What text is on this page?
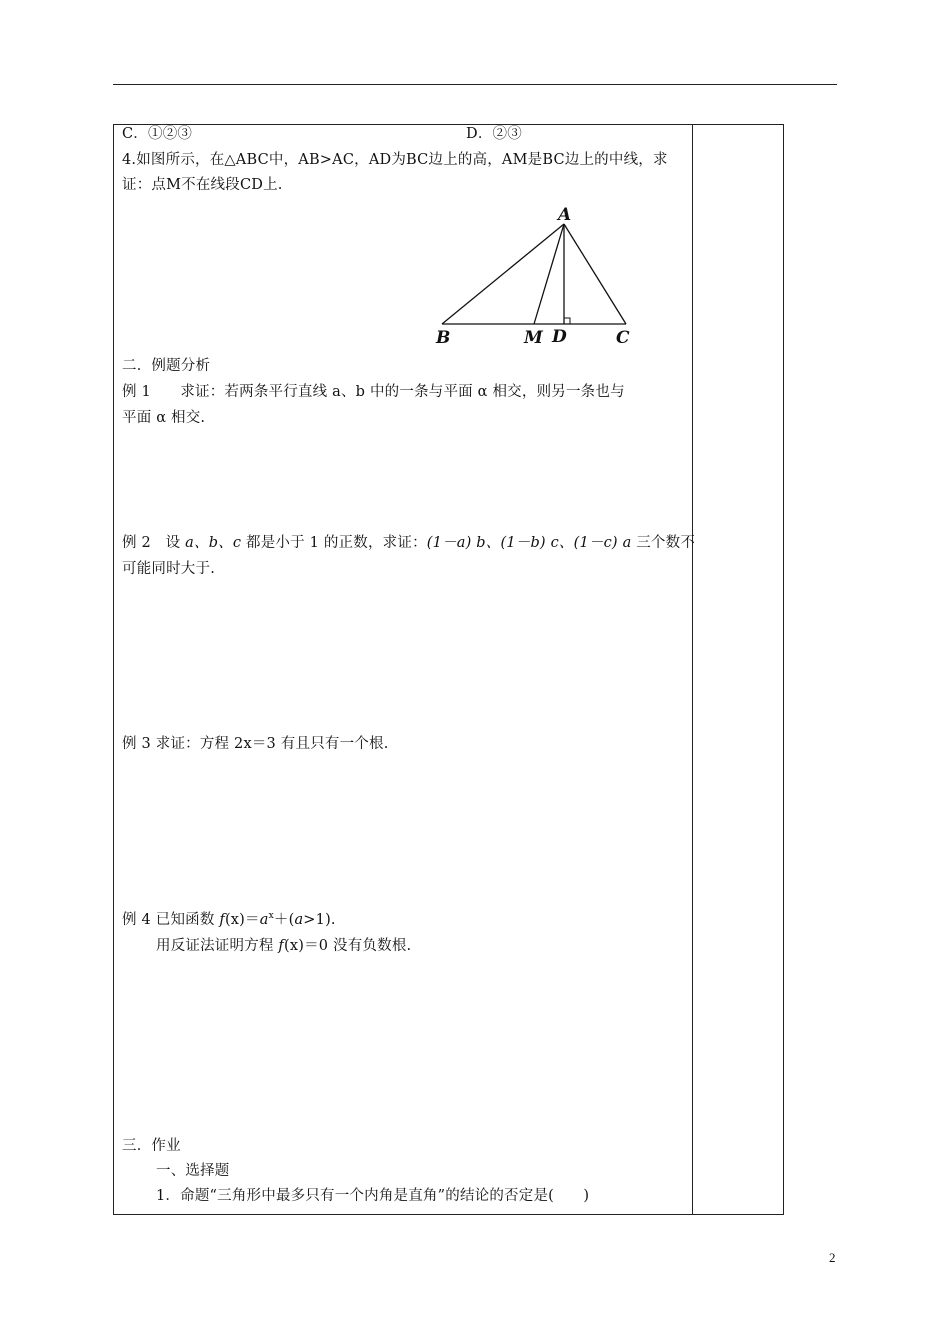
C．①②③	D．②③
4.如图所示，在△ABC中，AB>AC，AD为BC边上的高，AM是BC边上的中线，求
证：点M不在线段CD上.
A
B	M D	C
二．例题分析
例 1　　求证：若两条平行直线 a、b 中的一条与平面 α 相交，则另一条也与
平面 α 相交.
例 2　设 a、b、c 都是小于 1 的正数，求证：(1－a) b、(1－b) c、(1－c) a 三个数不
可能同时大于.
例 3 求证：方程 2x＝3 有且只有一个根.
例 4 已知函数 $f(x)=a^x+(a>1)$.
用反证法证明方程 f(x)＝0 没有负数根.
三．作业
一、选择题
1．命题“三角形中最多只有一个内角是直角”的结论的否定是(　　)
2
